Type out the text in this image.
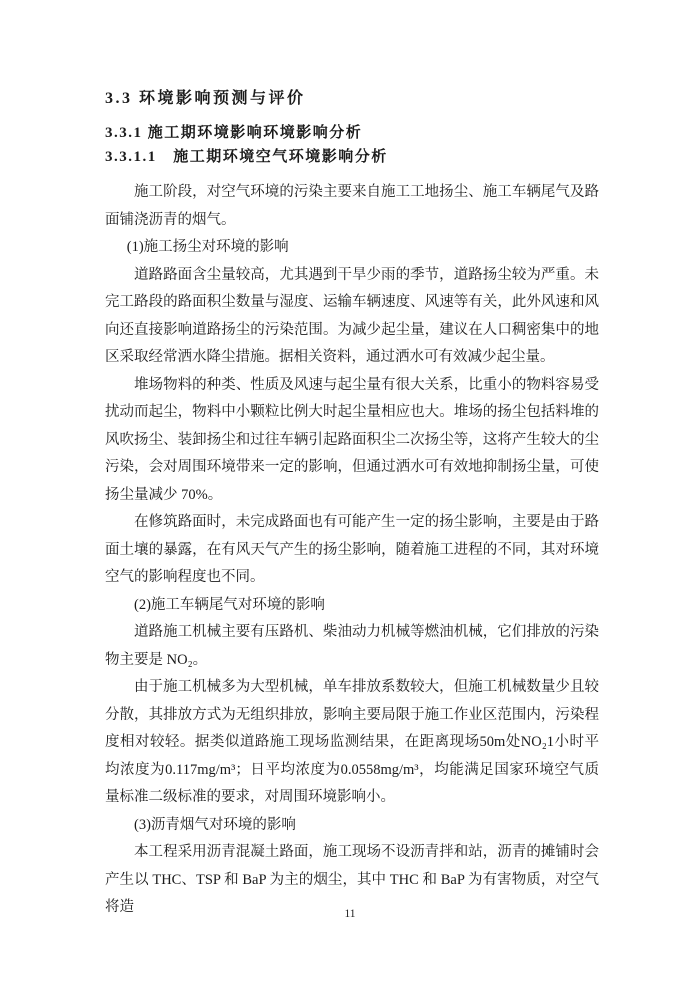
3.3 环境影响预测与评价
3.3.1 施工期环境影响环境影响分析
3.3.1.1　施工期环境空气环境影响分析

施工阶段，对空气环境的污染主要来自施工工地扬尘、施工车辆尾气及路面铺浇沥青的烟气。

(1)施工扬尘对环境的影响

道路路面含尘量较高，尤其遇到干旱少雨的季节，道路扬尘较为严重。未完工路段的路面积尘数量与湿度、运输车辆速度、风速等有关，此外风速和风向还直接影响道路扬尘的污染范围。为减少起尘量，建议在人口稠密集中的地区采取经常洒水降尘措施。据相关资料，通过洒水可有效减少起尘量。

堆场物料的种类、性质及风速与起尘量有很大关系，比重小的物料容易受扰动而起尘，物料中小颗粒比例大时起尘量相应也大。堆场的扬尘包括料堆的风吹扬尘、装卸扬尘和过往车辆引起路面积尘二次扬尘等，这将产生较大的尘污染，会对周围环境带来一定的影响，但通过洒水可有效地抑制扬尘量，可使扬尘量减少 70%。

在修筑路面时，未完成路面也有可能产生一定的扬尘影响，主要是由于路面土壤的暴露，在有风天气产生的扬尘影响，随着施工进程的不同，其对环境空气的影响程度也不同。

(2)施工车辆尾气对环境的影响

道路施工机械主要有压路机、柴油动力机械等燃油机械，它们排放的污染物主要是 NO₂。

由于施工机械多为大型机械，单车排放系数较大，但施工机械数量少且较分散，其排放方式为无组织排放，影响主要局限于施工作业区范围内，污染程度相对较轻。据类似道路施工现场监测结果，在距离现场50m处NO₂1小时平均浓度为0.117mg/m³；日平均浓度为0.0558mg/m³，均能满足国家环境空气质量标准二级标准的要求，对周围环境影响小。

(3)沥青烟气对环境的影响

本工程采用沥青混凝土路面，施工现场不设沥青拌和站，沥青的摊铺时会产生以 THC、TSP 和 BaP 为主的烟尘，其中 THC 和 BaP 为有害物质，对空气将造	11
